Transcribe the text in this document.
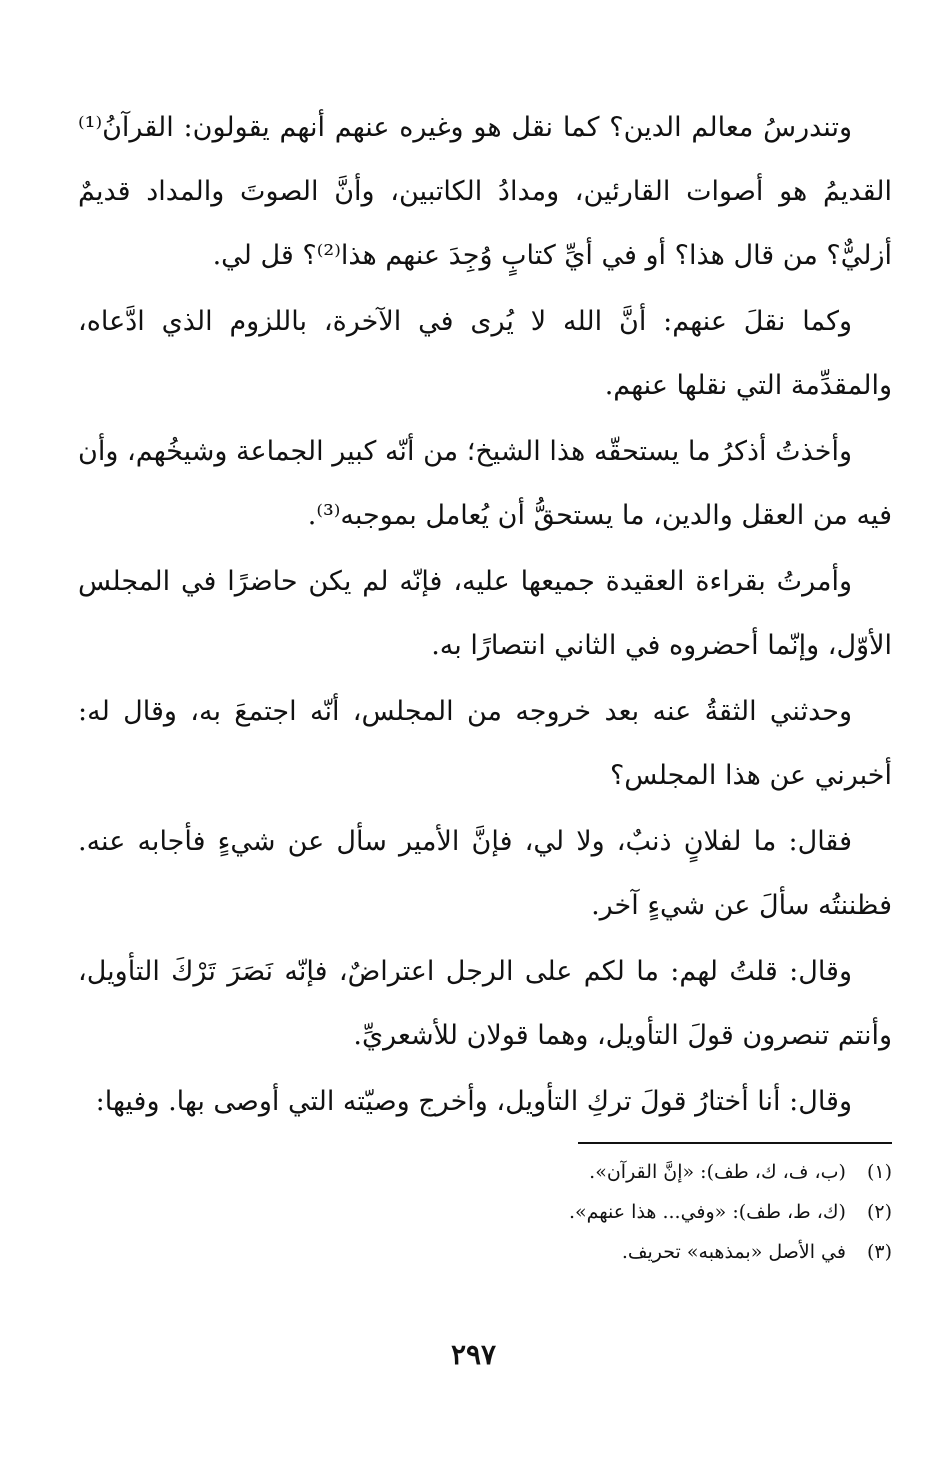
وتندرسُ معالم الدين؟ كما نقل هو وغيره عنهم أنهم يقولون: القرآنُ⁽¹⁾ القديمُ هو أصوات القارئين، ومدادُ الكاتبين، وأنَّ الصوتَ والمداد قديمٌ أزليٌّ؟ من قال هذا؟ أو في أيِّ كتابٍ وُجِدَ عنهم هذا⁽²⁾؟ قل لي.

وكما نقلَ عنهم: أنَّ الله لا يُرى في الآخرة، باللزوم الذي ادَّعاه، والمقدِّمة التي نقلها عنهم.

وأخذتُ أذكرُ ما يستحقّه هذا الشيخ؛ من أنّه كبير الجماعة وشيخُهم، وأن فيه من العقل والدين، ما يستحقُّ أن يُعامل بموجبه⁽³⁾.

وأمرتُ بقراءة العقيدة جميعها عليه، فإنّه لم يكن حاضرًا في المجلس الأوّل، وإنّما أحضروه في الثاني انتصارًا به.

وحدثني الثقةُ عنه بعد خروجه من المجلس، أنّه اجتمعَ به، وقال له: أخبرني عن هذا المجلس؟

فقال: ما لفلانٍ ذنبٌ، ولا لي، فإنَّ الأمير سأل عن شيءٍ فأجابه عنه. فظننتُه سألَ عن شيءٍ آخر.

وقال: قلتُ لهم: ما لكم على الرجل اعتراضٌ، فإنّه نَصَرَ تَرْكَ التأويل، وأنتم تنصرون قولَ التأويل، وهما قولان للأشعريِّ.

وقال: أنا أختارُ قولَ تركِ التأويل، وأخرج وصيّته التي أوصى بها. وفيها:

(١) (ب، ف، ك، طف): «إنَّ القرآن».
(٢) (ك، ط، طف): «وفي... هذا عنهم».
(٣) في الأصل «بمذهبه» تحريف.
٢٩٧
